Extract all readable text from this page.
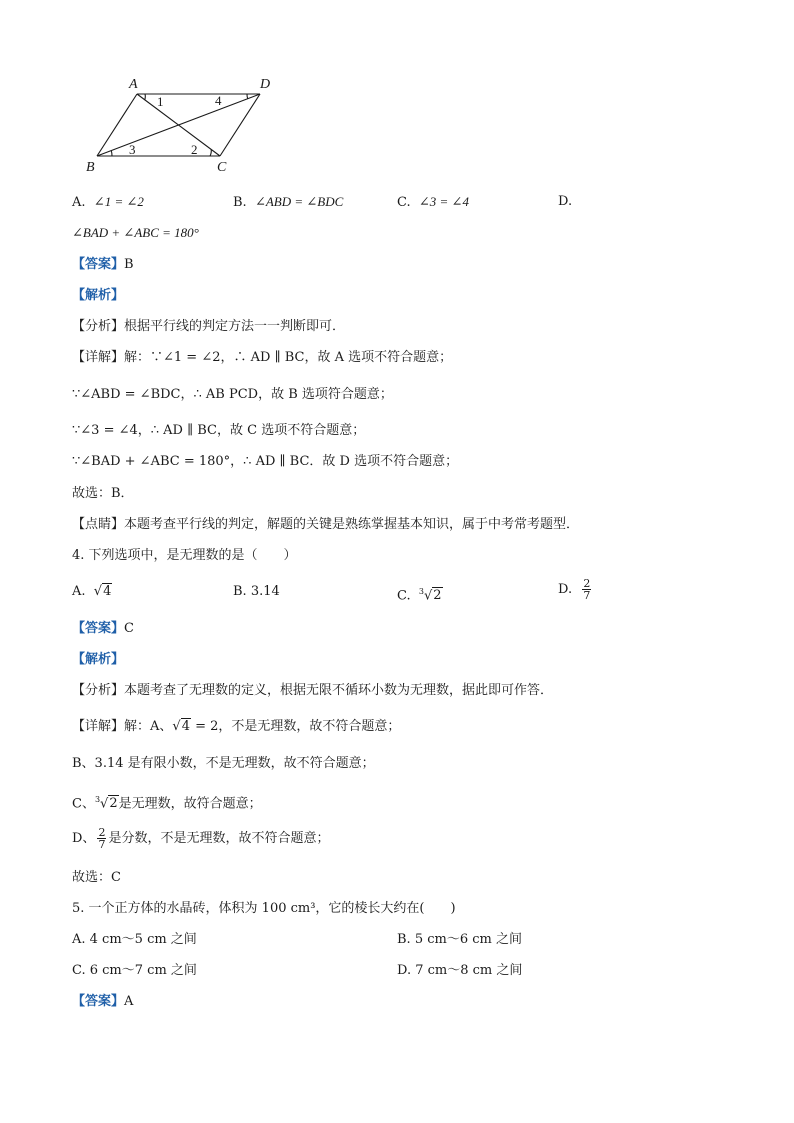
A	D
B	C
1	4
3	2
A. ∠1 = ∠2	B. ∠ABD = ∠BDC	C. ∠3 = ∠4	D.
∠BAD + ∠ABC = 180°
【答案】B
【解析】
【分析】根据平行线的判定方法一一判断即可．
【详解】解：∵∠1 = ∠2，∴ AD ∥ BC，故 A 选项不符合题意；
∵∠ABD = ∠BDC，∴ AB PCD，故 B 选项符合题意；
∵∠3 = ∠4，∴ AD ∥ BC，故 C 选项不符合题意；
∵∠BAD + ∠ABC = 180°，∴ AD ∥ BC．故 D 选项不符合题意；
故选：B．
【点睛】本题考查平行线的判定，解题的关键是熟练掌握基本知识，属于中考常考题型．
4. 下列选项中，是无理数的是（　　）
A.  √4	B. 3.14	C. $^3$√2	D. $\frac{2}{7}$
【答案】C
【解析】
【分析】本题考查了无理数的定义，根据无限不循环小数为无理数，据此即可作答．
【详解】解：A、√4 = 2，不是无理数，故不符合题意；
B、3.14 是有限小数，不是无理数，故不符合题意；
C、$^3$√2是无理数，故符合题意；
D、 $\frac{2}{7}$ 是分数，不是无理数，故不符合题意；
故选：C
5. 一个正方体的水晶砖，体积为 100 cm³，它的棱长大约在(　　)
A. 4 cm～5 cm 之间	B. 5 cm～6 cm 之间
C. 6 cm～7 cm 之间	D. 7 cm～8 cm 之间
【答案】A
